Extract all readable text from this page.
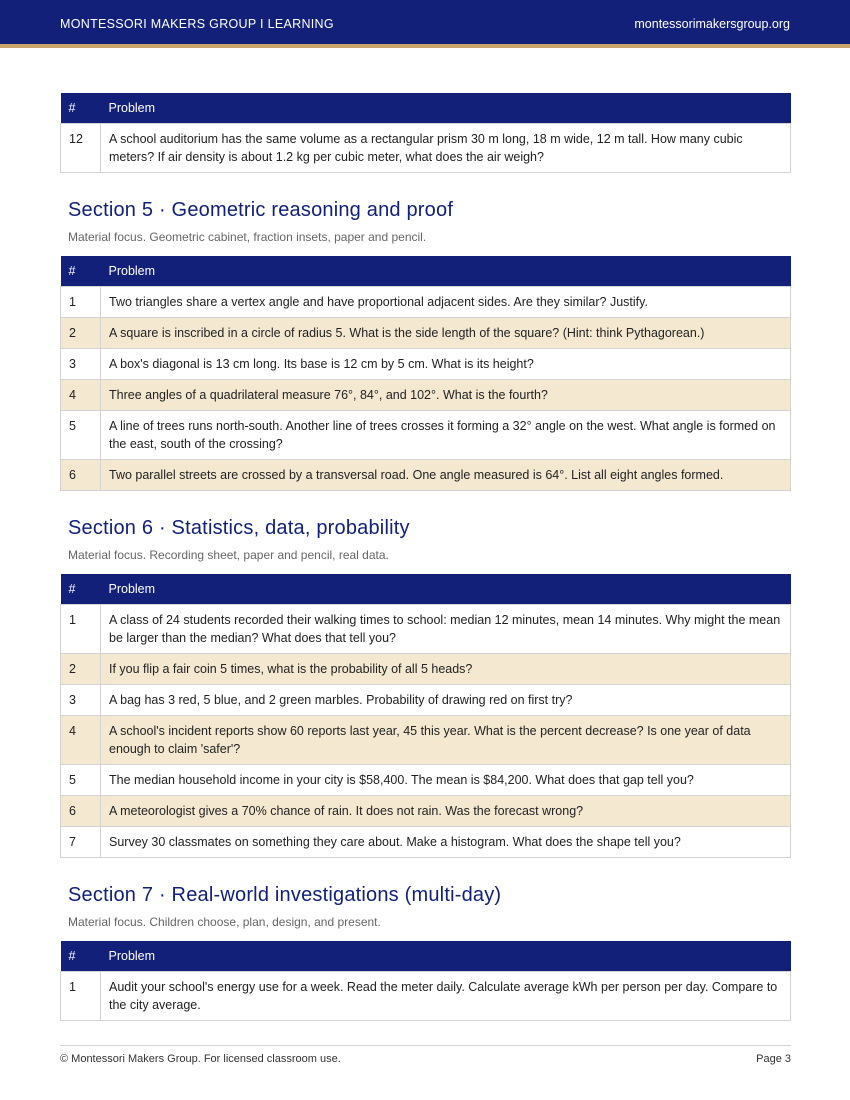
MONTESSORI MAKERS GROUP I LEARNING	montessorimakersgroup.org
#	Problem
12	A school auditorium has the same volume as a rectangular prism 30 m long, 18 m wide, 12 m tall. How many cubic meters? If air density is about 1.2 kg per cubic meter, what does the air weigh?
Section 5 · Geometric reasoning and proof
Material focus. Geometric cabinet, fraction insets, paper and pencil.
#	Problem
1	Two triangles share a vertex angle and have proportional adjacent sides. Are they similar? Justify.
2	A square is inscribed in a circle of radius 5. What is the side length of the square? (Hint: think Pythagorean.)
3	A box's diagonal is 13 cm long. Its base is 12 cm by 5 cm. What is its height?
4	Three angles of a quadrilateral measure 76°, 84°, and 102°. What is the fourth?
5	A line of trees runs north-south. Another line of trees crosses it forming a 32° angle on the west. What angle is formed on the east, south of the crossing?
6	Two parallel streets are crossed by a transversal road. One angle measured is 64°. List all eight angles formed.
Section 6 · Statistics, data, probability
Material focus. Recording sheet, paper and pencil, real data.
#	Problem
1	A class of 24 students recorded their walking times to school: median 12 minutes, mean 14 minutes. Why might the mean be larger than the median? What does that tell you?
2	If you flip a fair coin 5 times, what is the probability of all 5 heads?
3	A bag has 3 red, 5 blue, and 2 green marbles. Probability of drawing red on first try?
4	A school's incident reports show 60 reports last year, 45 this year. What is the percent decrease? Is one year of data enough to claim 'safer'?
5	The median household income in your city is $58,400. The mean is $84,200. What does that gap tell you?
6	A meteorologist gives a 70% chance of rain. It does not rain. Was the forecast wrong?
7	Survey 30 classmates on something they care about. Make a histogram. What does the shape tell you?
Section 7 · Real-world investigations (multi-day)
Material focus. Children choose, plan, design, and present.
#	Problem
1	Audit your school's energy use for a week. Read the meter daily. Calculate average kWh per person per day. Compare to the city average.
© Montessori Makers Group. For licensed classroom use.	Page 3
